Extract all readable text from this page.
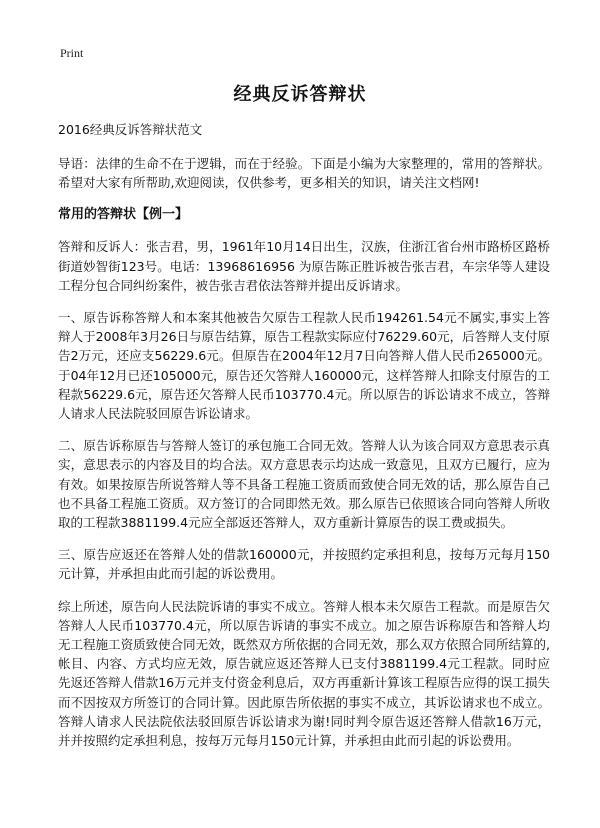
Print
经典反诉答辩状
2016经典反诉答辩状范文

导语：法律的生命不在于逻辑，而在于经验。下面是小编为大家整理的，常用的答辩状。希望对大家有所帮助,欢迎阅读，仅供参考，更多相关的知识，请关注文档网!

常用的答辩状【例一】

答辩和反诉人：张吉君，男，1961年10月14日出生，汉族，住浙江省台州市路桥区路桥街道妙智街123号。电话：13968616956 为原告陈正胜诉被告张吉君，车宗华等人建设工程分包合同纠纷案件，被告张吉君依法答辩并提出反诉请求。

一、原告诉称答辩人和本案其他被告欠原告工程款人民币194261.54元不属实,事实上答辩人于2008年3月26日与原告结算，原告工程款实际应付76229.60元，后答辩人支付原告2万元，还应支56229.6元。但原告在2004年12月7日向答辩人借人民币265000元。于04年12月已还105000元，原告还欠答辩人160000元，这样答辩人扣除支付原告的工程款56229.6元，原告还欠答辩人民币103770.4元。所以原告的诉讼请求不成立，答辩人请求人民法院驳回原告诉讼请求。

二、原告诉称原告与答辩人签订的承包施工合同无效。答辩人认为该合同双方意思表示真实，意思表示的内容及目的均合法。双方意思表示均达成一致意见，且双方已履行，应为有效。如果按原告所说答辩人等不具备工程施工资质而致使合同无效的话，那么原告自己也不具备工程施工资质。双方签订的合同即然无效。那么原告已依照该合同向答辩人所收取的工程款3881199.4元应全部返还答辩人，双方重新计算原告的误工费或损失。

三、原告应返还在答辩人处的借款160000元，并按照约定承担利息，按每万元每月150元计算，并承担由此而引起的诉讼费用。

综上所述，原告向人民法院诉请的事实不成立。答辩人根本未欠原告工程款。而是原告欠答辩人人民币103770.4元，所以原告诉请的事实不成立。加之原告诉称原告和答辩人均无工程施工资质致使合同无效，既然双方所依据的合同无效，那么双方依照合同所结算的,帐目、内容、方式均应无效，原告就应返还答辩人已支付3881199.4元工程款。同时应先返还答辩人借款16万元并支付资金利息后，双方再重新计算该工程原告应得的误工损失而不因按双方所签订的合同计算。因此原告所依据的事实不成立，其诉讼请求也不成立。答辩人请求人民法院依法驳回原告诉讼请求为谢!同时判令原告返还答辩人借款16万元，并并按照约定承担利息，按每万元每月150元计算，并承担由此而引起的诉讼费用。
